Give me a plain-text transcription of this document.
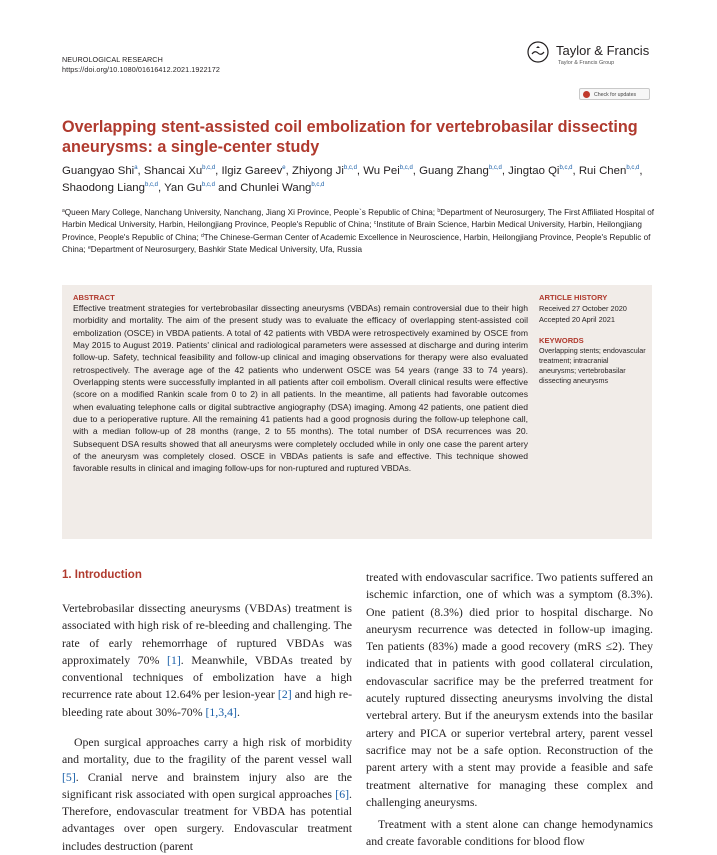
NEUROLOGICAL RESEARCH
https://doi.org/10.1080/01616412.2021.1922172
Taylor & Francis
Taylor & Francis Group
Check for updates
Overlapping stent-assisted coil embolization for vertebrobasilar dissecting aneurysms: a single-center study
Guangyao Shi$^a$, Shancai Xu$^{b,c,d}$, Ilgiz Gareev$^e$, Zhiyong Ji$^{b,c,d}$, Wu Pei$^{b,c,d}$, Guang Zhang$^{b,c,d}$, Jingtao Qi$^{b,c,d}$, Rui Chen$^{b,c,d}$, Shaodong Liang$^{b,c,d}$, Yan Gu$^{b,c,d}$ and Chunlei Wang$^{b,c,d}$
$^a$Queen Mary College, Nanchang University, Nanchang, Jiang Xi Province, People`s Republic of China; $^b$Department of Neurosurgery, The First Affiliated Hospital of Harbin Medical University, Harbin, Heilongjiang Province, People's Republic of China; $^c$Institute of Brain Science, Harbin Medical University, Harbin, Heilongjiang Province, People's Republic of China; $^d$The Chinese-German Center of Academic Excellence in Neuroscience, Harbin, Heilongjiang Province, People's Republic of China; $^e$Department of Neurosurgery, Bashkir State Medical University, Ufa, Russia
ABSTRACT
Effective treatment strategies for vertebrobasilar dissecting aneurysms (VBDAs) remain controversial due to their high morbidity and mortality. The aim of the present study was to evaluate the efficacy of overlapping stent-assisted coil embolization (OSCE) in VBDA patients. A total of 42 patients with VBDA were retrospectively examined by OSCE from May 2015 to August 2019. Patients' clinical and radiological parameters were assessed at discharge and during interim follow-up. Safety, technical feasibility and follow-up clinical and imaging observations for therapy were also evaluated retrospectively. The average age of the 42 patients who underwent OSCE was 54 years (range 33 to 74 years). Overlapping stents were successfully implanted in all patients after coil embolism. Overall clinical results were effective (score on a modified Rankin scale from 0 to 2) in all patients. In the meantime, all patients had favorable outcomes when evaluating telephone calls or digital subtractive angiography (DSA) imaging. Among 42 patients, one patient died due to a perioperative rupture. All the remaining 41 patients had a good prognosis during the follow-up telephone call, with a median follow-up of 28 months (range, 2 to 55 months). The total number of DSA recurrences was 20. Subsequent DSA results showed that all aneurysms were completely occluded while in only one case the parent artery of the aneurysm was completely closed. OSCE in VBDAs patients is safe and effective. This technique showed favorable results in clinical and imaging follow-ups for non-ruptured and ruptured VBDAs.
ARTICLE HISTORY
Received 27 October 2020
Accepted 20 April 2021
KEYWORDS
Overlapping stents; endovascular treatment; intracranial aneurysms; vertebrobasilar dissecting aneurysms
1. Introduction

Vertebrobasilar dissecting aneurysms (VBDAs) treatment is associated with high risk of re-bleeding and challenging. The rate of early rehemorrhage of ruptured VBDAs was approximately 70% [1]. Meanwhile, VBDAs treated by conventional techniques of embolization have a high recurrence rate about 12.64% per lesion-year [2] and high re-bleeding rate about 30%-70% [1,3,4].

Open surgical approaches carry a high risk of morbidity and mortality, due to the fragility of the parent vessel wall [5]. Cranial nerve and brainstem injury also are the significant risk associated with open surgical approaches [6]. Therefore, endovascular treatment for VBDA has potential advantages over open surgery. Endovascular treatment includes destruction (parent

treated with endovascular sacrifice. Two patients suffered an ischemic infarction, one of which was a symptom (8.3%). One patient (8.3%) died prior to hospital discharge. No aneurysm recurrence was detected in follow-up imaging. Ten patients (83%) made a good recovery (mRS ≤2). They indicated that in patients with good collateral circulation, endovascular sacrifice may be the preferred treatment for acutely ruptured dissecting aneurysms involving the distal vertebral artery. But if the aneurysm extends into the basilar artery and PICA or superior vertebral artery, parent vessel sacrifice may not be a safe option. Reconstruction of the parent artery with a stent may provide a feasible and safe treatment alternative for managing these complex and challenging aneurysms.

Treatment with a stent alone can change hemodynamics and create favorable conditions for blood flow
